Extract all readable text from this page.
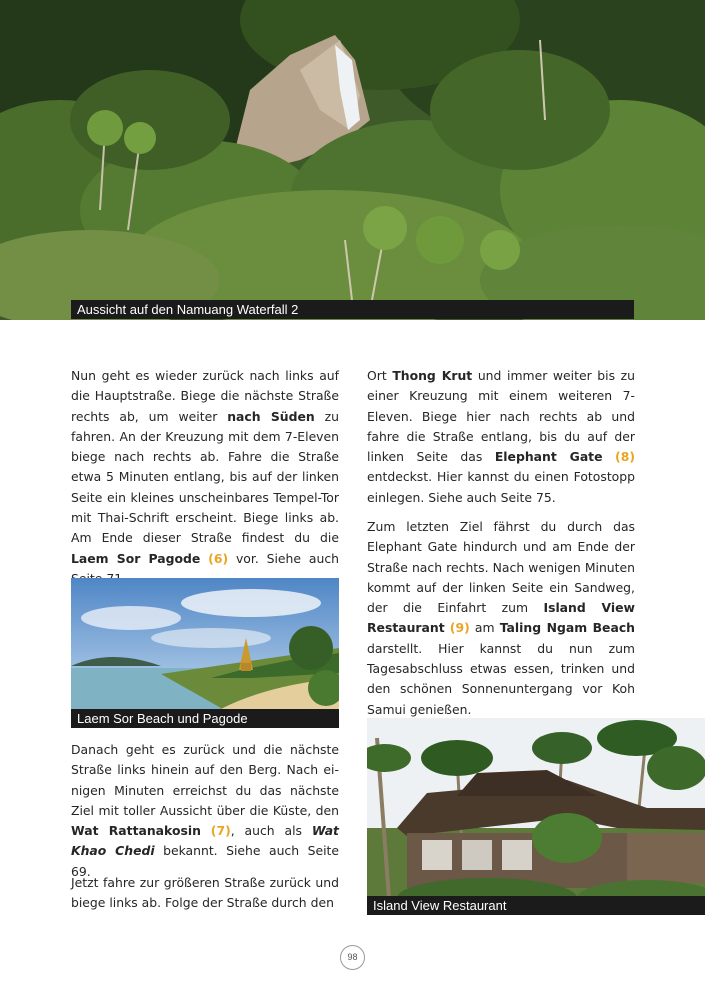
Aussicht auf den Namuang Waterfall 2

Nun geht es wieder zurück nach links auf die Hauptstraße. Biege die nächste Straße rechts ab, um weiter nach Süden zu fahren. An der Kreuzung mit dem 7-Eleven biege nach rechts ab. Fahre die Straße etwa 5 Minuten entlang, bis auf der linken Seite ein kleines unscheinbares Tempel-Tor mit Thai-Schrift erscheint. Biege links ab. Am Ende dieser Straße findest du die Laem Sor Pagode (6) vor. Siehe auch

Laem Sor Beach und Pagode

Danach geht es zurück und die nächste Straße links hinein auf den Berg. Nach einigen Minuten erreichst du das nächste Ziel mit toller Aussicht über die Küste, den Wat Rattanakosin (7), auch als Wat Khao Chedi bekannt. Siehe auch Seite 69.

Jetzt fahre zur größeren Straße zurück und biege links ab. Folge der Straße durch den

Ort Thong Krut und immer weiter bis zu einer Kreuzung mit einem weiteren 7-Eleven. Biege hier nach rechts ab und fahre die Straße entlang, bis du auf der linken Seite das Elephant Gate (8) entdeckst. Hier kannst du einen Fotostopp einlegen. Siehe auch Seite 75.

Zum letzten Ziel fährst du durch das Elephant Gate hindurch und am Ende der Straße nach rechts. Nach wenigen Minuten kommt auf der linken Seite ein Sandweg, der die Einfahrt zum Island View Restaurant (9) am Taling Ngam Beach darstellt. Hier kannst du nun zum Tagesabschluss etwas essen, trinken und den schönen Sonnenuntergang vor Koh Samui genießen.

Island View Restaurant
98
